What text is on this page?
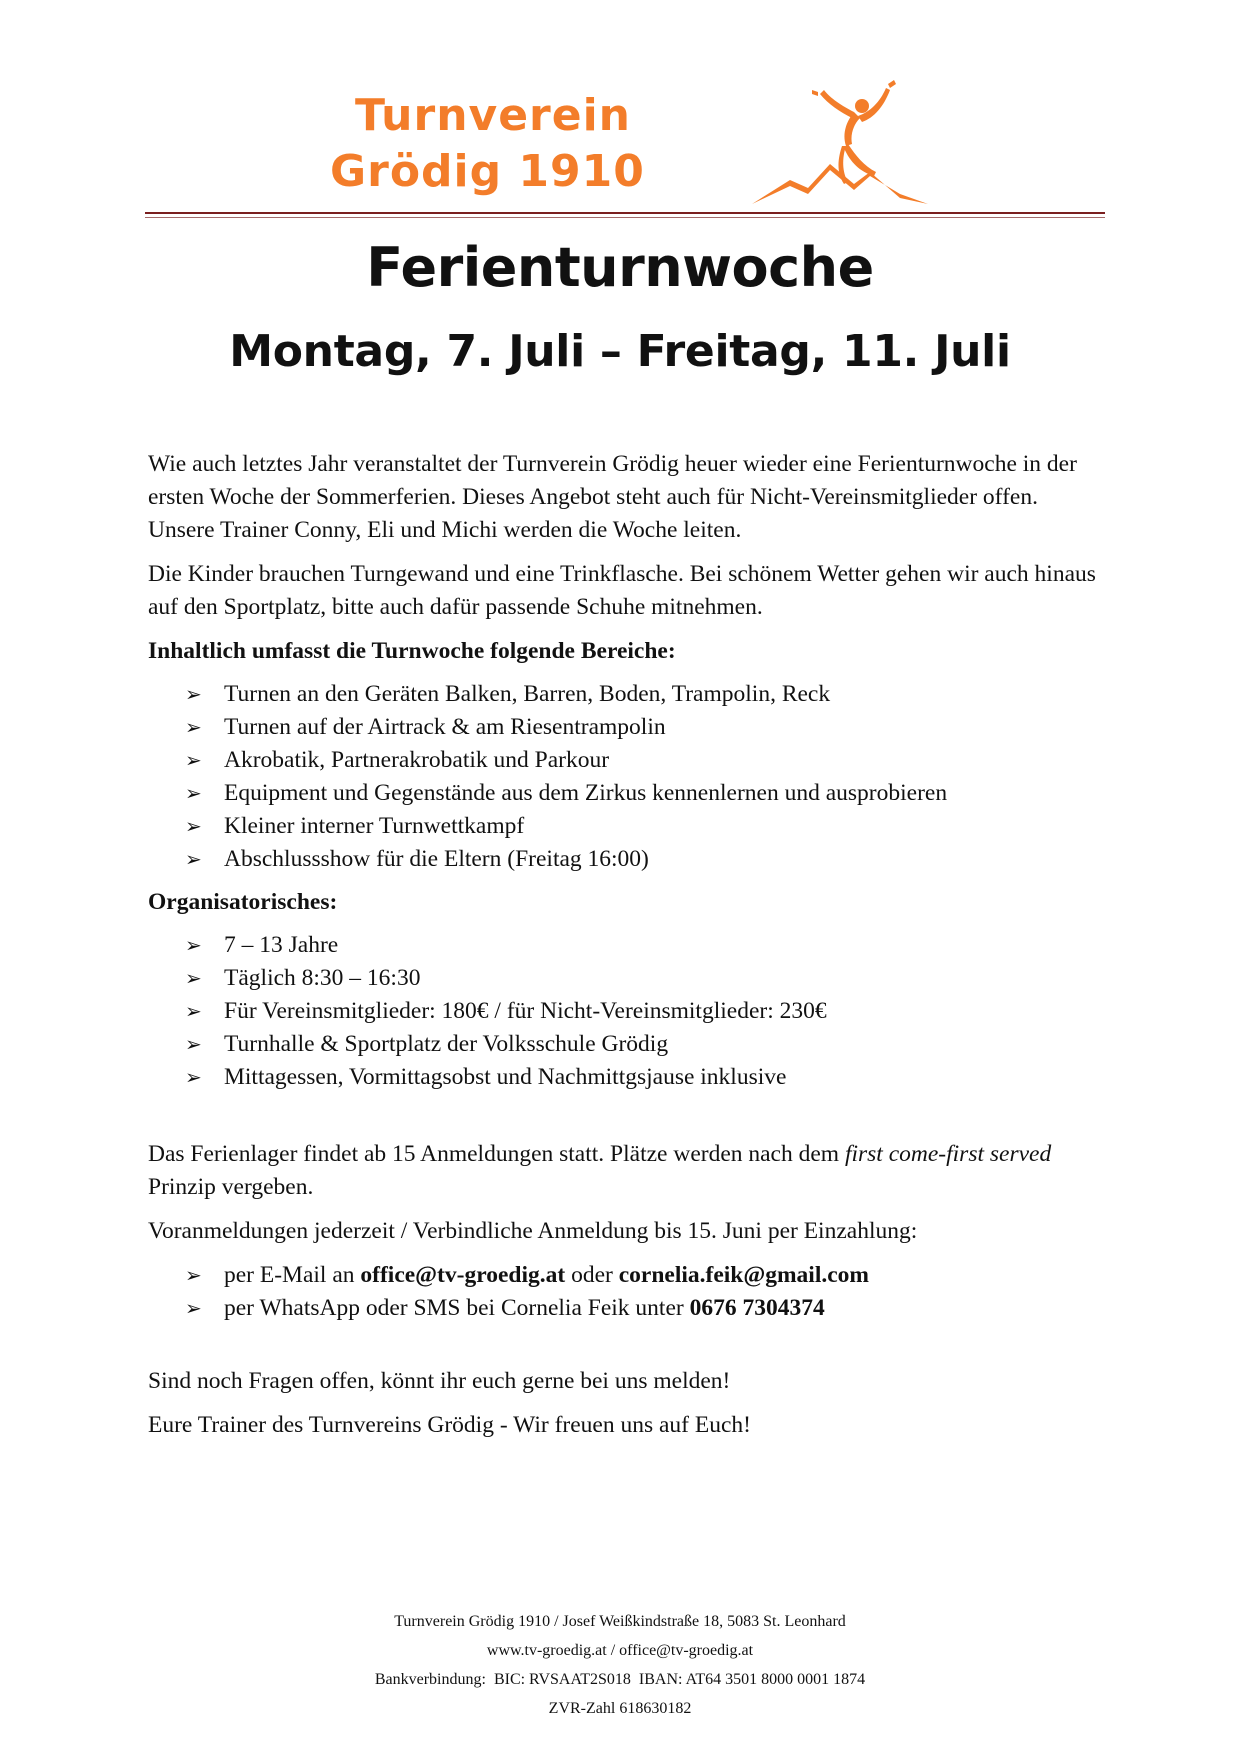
Turnverein
Grödig 1910
Ferienturnwoche
Montag, 7. Juli – Freitag, 11. Juli

Wie auch letztes Jahr veranstaltet der Turnverein Grödig heuer wieder eine Ferienturnwoche in der ersten Woche der Sommerferien. Dieses Angebot steht auch für Nicht-Vereinsmitglieder offen. Unsere Trainer Conny, Eli und Michi werden die Woche leiten.

Die Kinder brauchen Turngewand und eine Trinkflasche. Bei schönem Wetter gehen wir auch hinaus auf den Sportplatz, bitte auch dafür passende Schuhe mitnehmen.

Inhaltlich umfasst die Turnwoche folgende Bereiche:

➢ Turnen an den Geräten Balken, Barren, Boden, Trampolin, Reck
➢ Turnen auf der Airtrack & am Riesentrampolin
➢ Akrobatik, Partnerakrobatik und Parkour
➢ Equipment und Gegenstände aus dem Zirkus kennenlernen und ausprobieren
➢ Kleiner interner Turnwettkampf
➢ Abschlussshow für die Eltern (Freitag 16:00)

Organisatorisches:

➢ 7 – 13 Jahre
➢ Täglich 8:30 – 16:30
➢ Für Vereinsmitglieder: 180€ / für Nicht-Vereinsmitglieder: 230€
➢ Turnhalle & Sportplatz der Volksschule Grödig
➢ Mittagessen, Vormittagsobst und Nachmittgsjause inklusive

Das Ferienlager findet ab 15 Anmeldungen statt. Plätze werden nach dem first come-first served Prinzip vergeben.

Voranmeldungen jederzeit / Verbindliche Anmeldung bis 15. Juni per Einzahlung:

➢ per E-Mail an office@tv-groedig.at oder cornelia.feik@gmail.com
➢ per WhatsApp oder SMS bei Cornelia Feik unter 0676 7304374

Sind noch Fragen offen, könnt ihr euch gerne bei uns melden!

Eure Trainer des Turnvereins Grödig - Wir freuen uns auf Euch!

Turnverein Grödig 1910 / Josef Weißkindstraße 18, 5083 St. Leonhard
www.tv-groedig.at / office@tv-groedig.at
Bankverbindung:  BIC: RVSAAT2S018  IBAN: AT64 3501 8000 0001 1874
ZVR-Zahl 618630182
